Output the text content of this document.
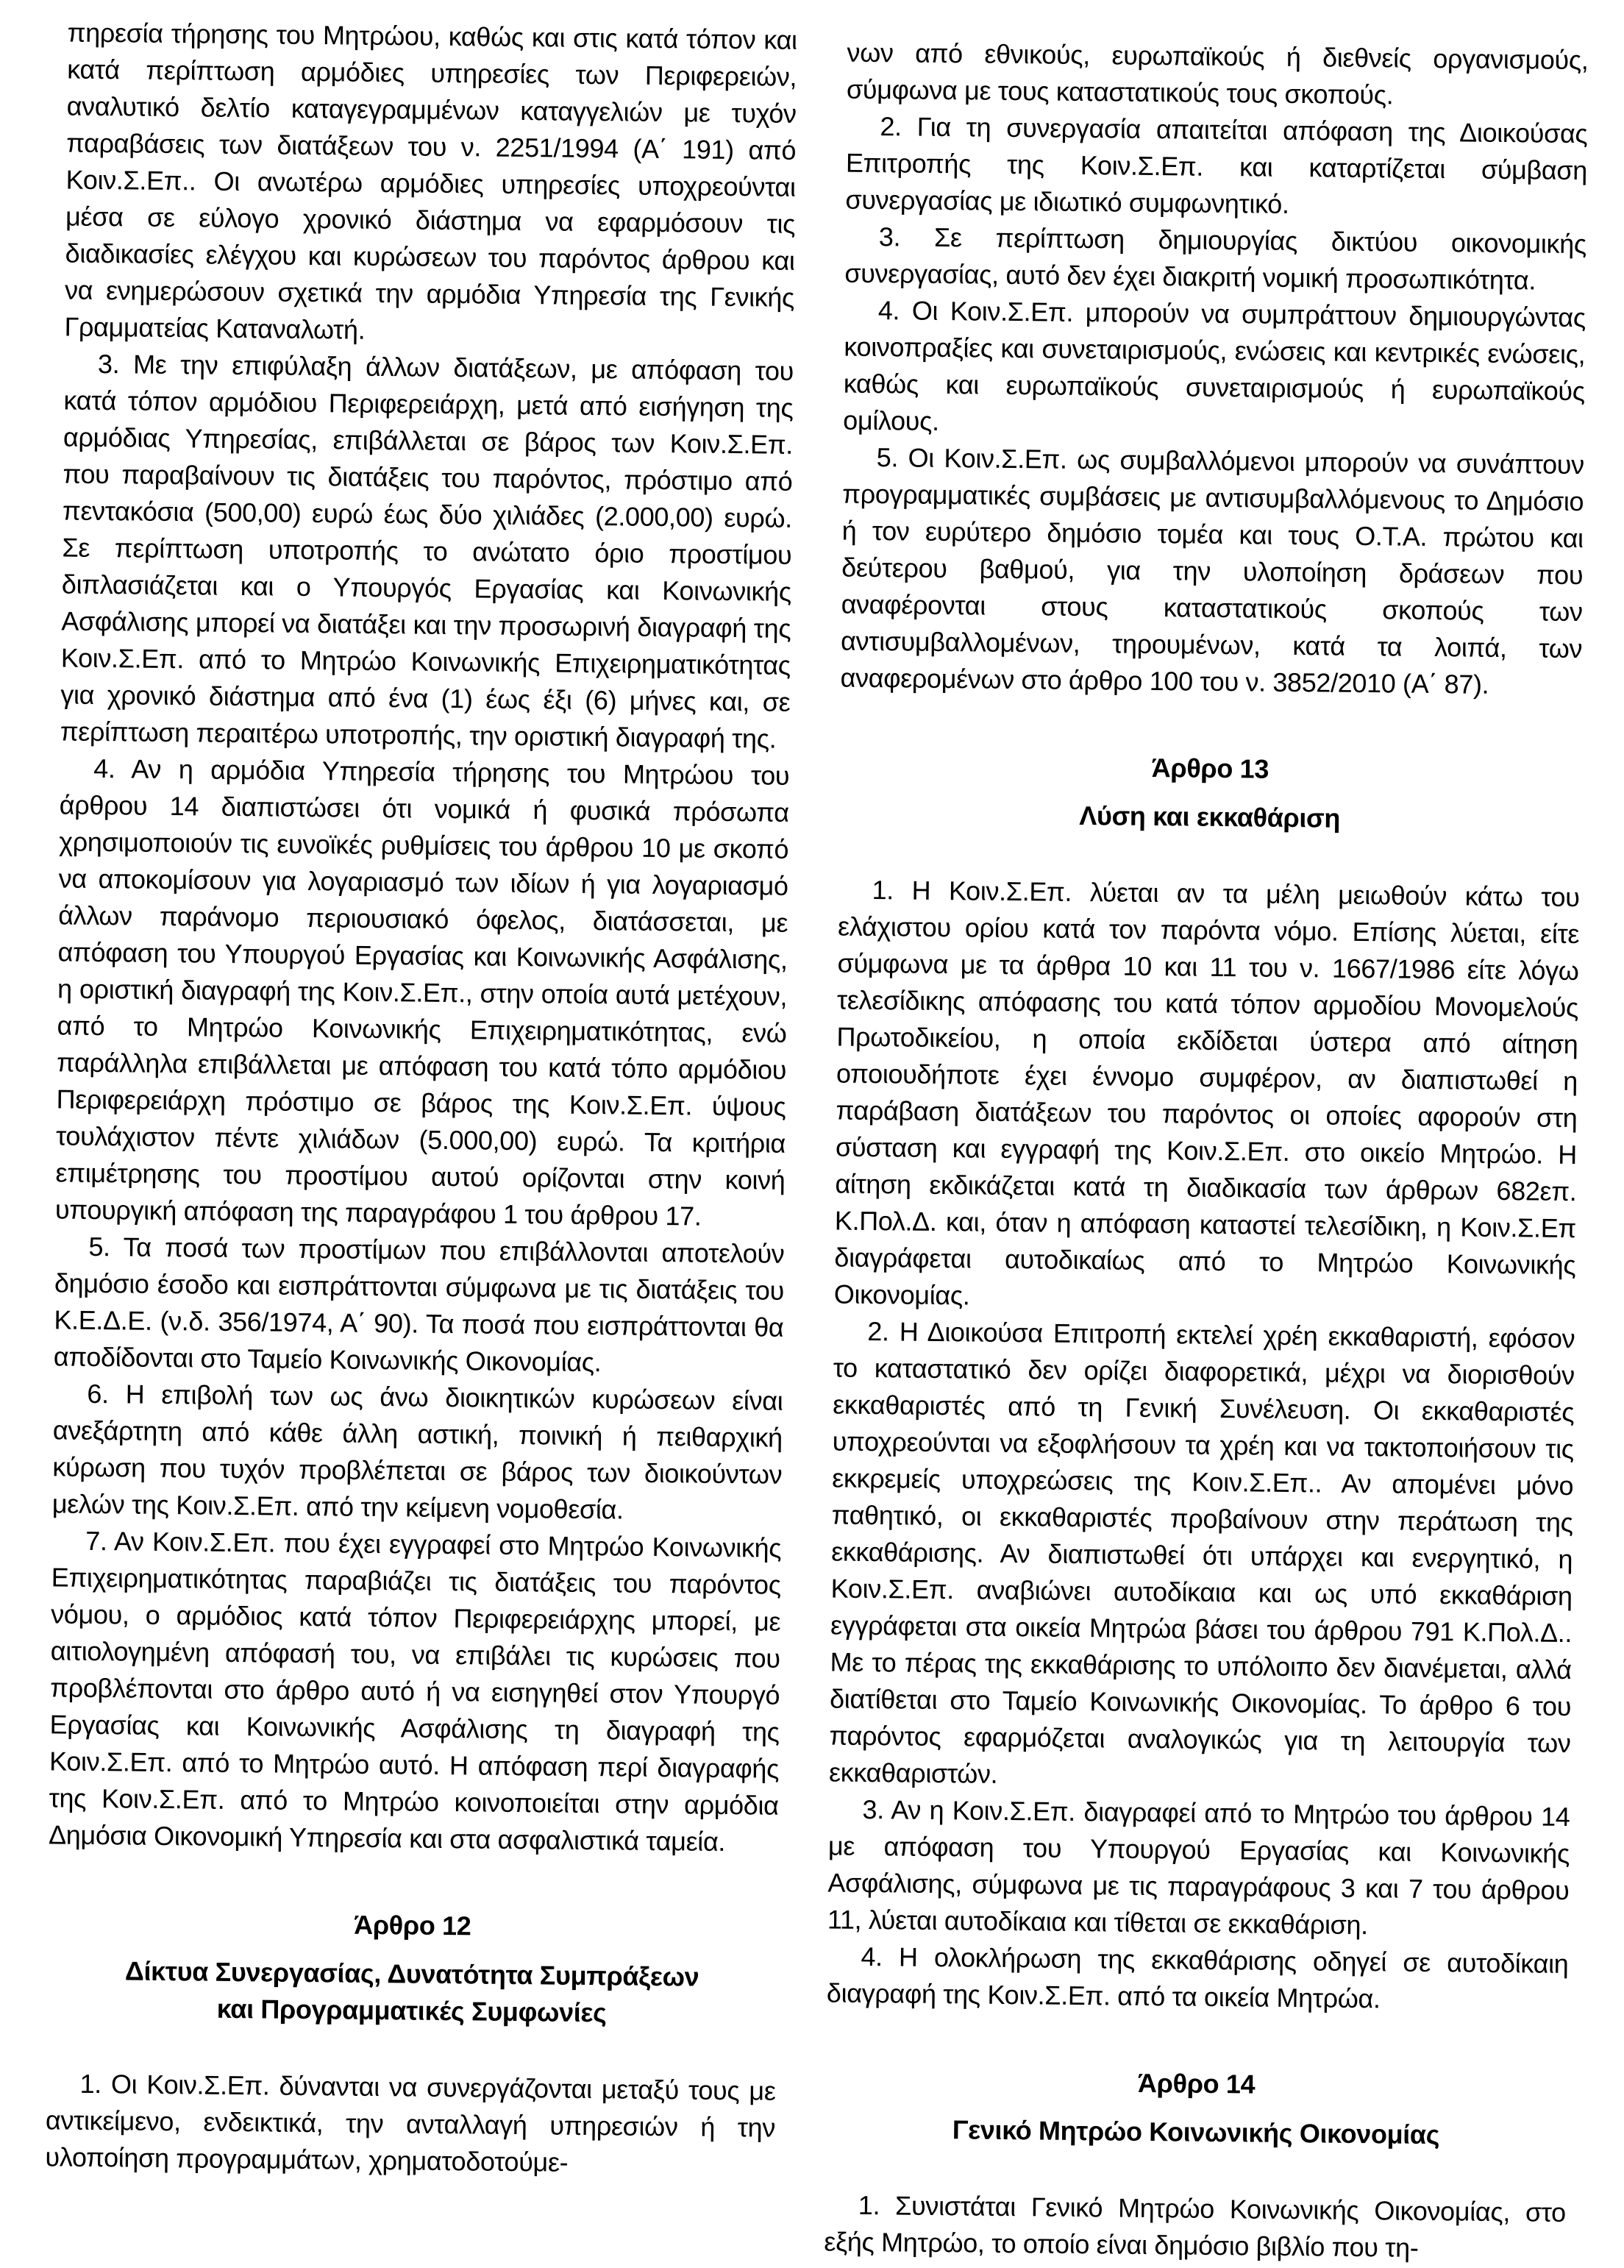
πηρεσία τήρησης του Μητρώου, καθώς και στις κατά τόπον και κατά περίπτωση αρμόδιες υπηρεσίες των Περιφερειών, αναλυτικό δελτίο καταγεγραμμένων καταγγελιών με τυχόν παραβάσεις των διατάξεων του ν. 2251/1994 (Α΄ 191) από Κοιν.Σ.Επ.. Οι ανωτέρω αρμόδιες υπηρεσίες υποχρεούνται μέσα σε εύλογο χρονικό διάστημα να εφαρμόσουν τις διαδικασίες ελέγχου και κυρώσεων του παρόντος άρθρου και να ενημερώσουν σχετικά την αρμόδια Υπηρεσία της Γενικής Γραμματείας Καταναλωτή.

3. Με την επιφύλαξη άλλων διατάξεων, με απόφαση του κατά τόπον αρμόδιου Περιφερειάρχη, μετά από εισήγηση της αρμόδιας Υπηρεσίας, επιβάλλεται σε βάρος των Κοιν.Σ.Επ. που παραβαίνουν τις διατάξεις του παρόντος, πρόστιμο από πεντακόσια (500,00) ευρώ έως δύο χιλιάδες (2.000,00) ευρώ. Σε περίπτωση υποτροπής το ανώτατο όριο προστίμου διπλασιάζεται και ο Υπουργός Εργασίας και Κοινωνικής Ασφάλισης μπορεί να διατάξει και την προσωρινή διαγραφή της Κοιν.Σ.Επ. από το Μητρώο Κοινωνικής Επιχειρηματικότητας για χρονικό διάστημα από ένα (1) έως έξι (6) μήνες και, σε περίπτωση περαιτέρω υποτροπής, την οριστική διαγραφή της.

4. Αν η αρμόδια Υπηρεσία τήρησης του Μητρώου του άρθρου 14 διαπιστώσει ότι νομικά ή φυσικά πρόσωπα χρησιμοποιούν τις ευνοϊκές ρυθμίσεις του άρθρου 10 με σκοπό να αποκομίσουν για λογαριασμό των ιδίων ή για λογαριασμό άλλων παράνομο περιουσιακό όφελος, διατάσσεται, με απόφαση του Υπουργού Εργασίας και Κοινωνικής Ασφάλισης, η οριστική διαγραφή της Κοιν.Σ.Επ., στην οποία αυτά μετέχουν, από το Μητρώο Κοινωνικής Επιχειρηματικότητας, ενώ παράλληλα επιβάλλεται με απόφαση του κατά τόπο αρμόδιου Περιφερειάρχη πρόστιμο σε βάρος της Κοιν.Σ.Επ. ύψους τουλάχιστον πέντε χιλιάδων (5.000,00) ευρώ. Τα κριτήρια επιμέτρησης του προστίμου αυτού ορίζονται στην κοινή υπουργική απόφαση της παραγράφου 1 του άρθρου 17.

5. Τα ποσά των προστίμων που επιβάλλονται αποτελούν δημόσιο έσοδο και εισπράττονται σύμφωνα με τις διατάξεις του Κ.Ε.Δ.Ε. (ν.δ. 356/1974, Α΄ 90). Τα ποσά που εισπράττονται θα αποδίδονται στο Ταμείο Κοινωνικής Οικονομίας.

6. Η επιβολή των ως άνω διοικητικών κυρώσεων είναι ανεξάρτητη από κάθε άλλη αστική, ποινική ή πειθαρχική κύρωση που τυχόν προβλέπεται σε βάρος των διοικούντων μελών της Κοιν.Σ.Επ. από την κείμενη νομοθεσία.

7. Αν Κοιν.Σ.Επ. που έχει εγγραφεί στο Μητρώο Κοινωνικής Επιχειρηματικότητας παραβιάζει τις διατάξεις του παρόντος νόμου, ο αρμόδιος κατά τόπον Περιφερειάρχης μπορεί, με αιτιολογημένη απόφασή του, να επιβάλει τις κυρώσεις που προβλέπονται στο άρθρο αυτό ή να εισηγηθεί στον Υπουργό Εργασίας και Κοινωνικής Ασφάλισης τη διαγραφή της Κοιν.Σ.Επ. από το Μητρώο αυτό. Η απόφαση περί διαγραφής της Κοιν.Σ.Επ. από το Μητρώο κοινοποιείται στην αρμόδια Δημόσια Οικονομική Υπηρεσία και στα ασφαλιστικά ταμεία.

Άρθρο 12
Δίκτυα Συνεργασίας, Δυνατότητα Συμπράξεων
και Προγραμματικές Συμφωνίες

1. Οι Κοιν.Σ.Επ. δύνανται να συνεργάζονται μεταξύ τους με αντικείμενο, ενδεικτικά, την ανταλλαγή υπηρεσιών ή την υλοποίηση προγραμμάτων, χρηματοδοτούμε-

νων από εθνικούς, ευρωπαϊκούς ή διεθνείς οργανισμούς, σύμφωνα με τους καταστατικούς τους σκοπούς.

2. Για τη συνεργασία απαιτείται απόφαση της Διοικούσας Επιτροπής της Κοιν.Σ.Επ. και καταρτίζεται σύμβαση συνεργασίας με ιδιωτικό συμφωνητικό.

3. Σε περίπτωση δημιουργίας δικτύου οικονομικής συνεργασίας, αυτό δεν έχει διακριτή νομική προσωπικότητα.

4. Οι Κοιν.Σ.Επ. μπορούν να συμπράττουν δημιουργώντας κοινοπραξίες και συνεταιρισμούς, ενώσεις και κεντρικές ενώσεις, καθώς και ευρωπαϊκούς συνεταιρισμούς ή ευρωπαϊκούς ομίλους.

5. Οι Κοιν.Σ.Επ. ως συμβαλλόμενοι μπορούν να συνάπτουν προγραμματικές συμβάσεις με αντισυμβαλλόμενους το Δημόσιο ή τον ευρύτερο δημόσιο τομέα και τους Ο.Τ.Α. πρώτου και δεύτερου βαθμού, για την υλοποίηση δράσεων που αναφέρονται στους καταστατικούς σκοπούς των αντισυμβαλλομένων, τηρουμένων, κατά τα λοιπά, των αναφερομένων στο άρθρο 100 του ν. 3852/2010 (Α΄ 87).

Άρθρο 13
Λύση και εκκαθάριση

1. Η Κοιν.Σ.Επ. λύεται αν τα μέλη μειωθούν κάτω του ελάχιστου ορίου κατά τον παρόντα νόμο. Επίσης λύεται, είτε σύμφωνα με τα άρθρα 10 και 11 του ν. 1667/1986 είτε λόγω τελεσίδικης απόφασης του κατά τόπον αρμοδίου Μονομελούς Πρωτοδικείου, η οποία εκδίδεται ύστερα από αίτηση οποιουδήποτε έχει έννομο συμφέρον, αν διαπιστωθεί η παράβαση διατάξεων του παρόντος οι οποίες αφορούν στη σύσταση και εγγραφή της Κοιν.Σ.Επ. στο οικείο Μητρώο. Η αίτηση εκδικάζεται κατά τη διαδικασία των άρθρων 682επ. Κ.Πολ.Δ. και, όταν η απόφαση καταστεί τελεσίδικη, η Κοιν.Σ.Επ διαγράφεται αυτοδικαίως από το Μητρώο Κοινωνικής Οικονομίας.

2. Η Διοικούσα Επιτροπή εκτελεί χρέη εκκαθαριστή, εφόσον το καταστατικό δεν ορίζει διαφορετικά, μέχρι να διορισθούν εκκαθαριστές από τη Γενική Συνέλευση. Οι εκκαθαριστές υποχρεούνται να εξοφλήσουν τα χρέη και να τακτοποιήσουν τις εκκρεμείς υποχρεώσεις της Κοιν.Σ.Επ.. Αν απομένει μόνο παθητικό, οι εκκαθαριστές προβαίνουν στην περάτωση της εκκαθάρισης. Αν διαπιστωθεί ότι υπάρχει και ενεργητικό, η Κοιν.Σ.Επ. αναβιώνει αυτοδίκαια και ως υπό εκκαθάριση εγγράφεται στα οικεία Μητρώα βάσει του άρθρου 791 Κ.Πολ.Δ.. Με το πέρας της εκκαθάρισης το υπόλοιπο δεν διανέμεται, αλλά διατίθεται στο Ταμείο Κοινωνικής Οικονομίας. Το άρθρο 6 του παρόντος εφαρμόζεται αναλογικώς για τη λειτουργία των εκκαθαριστών.

3. Αν η Κοιν.Σ.Επ. διαγραφεί από το Μητρώο του άρθρου 14 με απόφαση του Υπουργού Εργασίας και Κοινωνικής Ασφάλισης, σύμφωνα με τις παραγράφους 3 και 7 του άρθρου 11, λύεται αυτοδίκαια και τίθεται σε εκκαθάριση.

4. Η ολοκλήρωση της εκκαθάρισης οδηγεί σε αυτοδίκαιη διαγραφή της Κοιν.Σ.Επ. από τα οικεία Μητρώα.

Άρθρο 14
Γενικό Μητρώο Κοινωνικής Οικονομίας

1. Συνιστάται Γενικό Μητρώο Κοινωνικής Οικονομίας, στο εξής Μητρώο, το οποίο είναι δημόσιο βιβλίο που τη-
